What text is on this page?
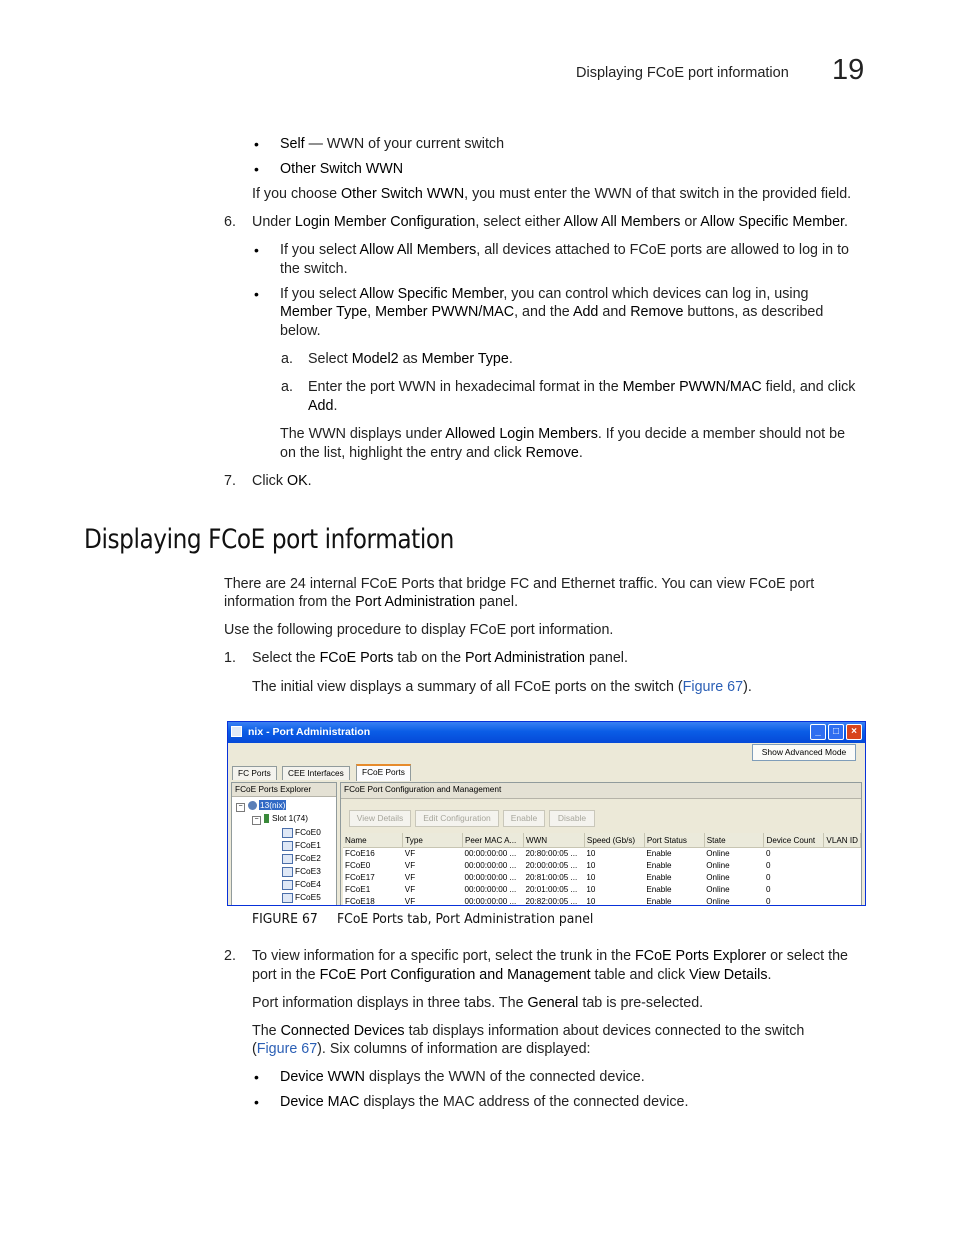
Displaying FCoE port information 19
• Self — WWN of your current switch
• Other Switch WWN
If you choose Other Switch WWN, you must enter the WWN of that switch in the provided field.
6. Under Login Member Configuration, select either Allow All Members or Allow Specific Member.
• If you select Allow All Members, all devices attached to FCoE ports are allowed to log in to
the switch.
• If you select Allow Specific Member, you can control which devices can log in, using
Member Type, Member PWWN/MAC, and the Add and Remove buttons, as described
below.
a. Select Model2 as Member Type.
a. Enter the port WWN in hexadecimal format in the Member PWWN/MAC field, and click
Add.
The WWN displays under Allowed Login Members. If you decide a member should not be
on the list, highlight the entry and click Remove.
7. Click OK.
Displaying FCoE port information
There are 24 internal FCoE Ports that bridge FC and Ethernet traffic. You can view FCoE port
information from the Port Administration panel.
Use the following procedure to display FCoE port information.
1. Select the FCoE Ports tab on the Port Administration panel.
The initial view displays a summary of all FCoE ports on the switch (Figure 67).
nix - Port Administration	_	□	×
Show Advanced Mode
FC Ports	CEE Interfaces	FCoE Ports
FCoE Ports Explorer
− 13(nix)
− Slot 1(74)
FCoE0
FCoE1
FCoE2
FCoE3
FCoE4
FCoE5
FCoE Port Configuration and Management
View Details	Edit Configuration	Enable	Disable
Name	Type	Peer MAC A...	WWN	Speed (Gb/s)	Port Status	State	Device Count	VLAN ID
FCoE16	VF	00:00:00:00 ...	20:80:00:05 ...	10	Enable	Online	0	
FCoE0	VF	00:00:00:00 ...	20:00:00:05 ...	10	Enable	Online	0	
FCoE17	VF	00:00:00:00 ...	20:81:00:05 ...	10	Enable	Online	0	
FCoE1	VF	00:00:00:00 ...	20:01:00:05 ...	10	Enable	Online	0	
FCoE18	VF	00:00:00:00 ...	20:82:00:05 ...	10	Enable	Online	0	
FIGURE 67 FCoE Ports tab, Port Administration panel
2. To view information for a specific port, select the trunk in the FCoE Ports Explorer or select the
port in the FCoE Port Configuration and Management table and click View Details.
Port information displays in three tabs. The General tab is pre-selected.
The Connected Devices tab displays information about devices connected to the switch
(Figure 67). Six columns of information are displayed:
• Device WWN displays the WWN of the connected device.
• Device MAC displays the MAC address of the connected device.
